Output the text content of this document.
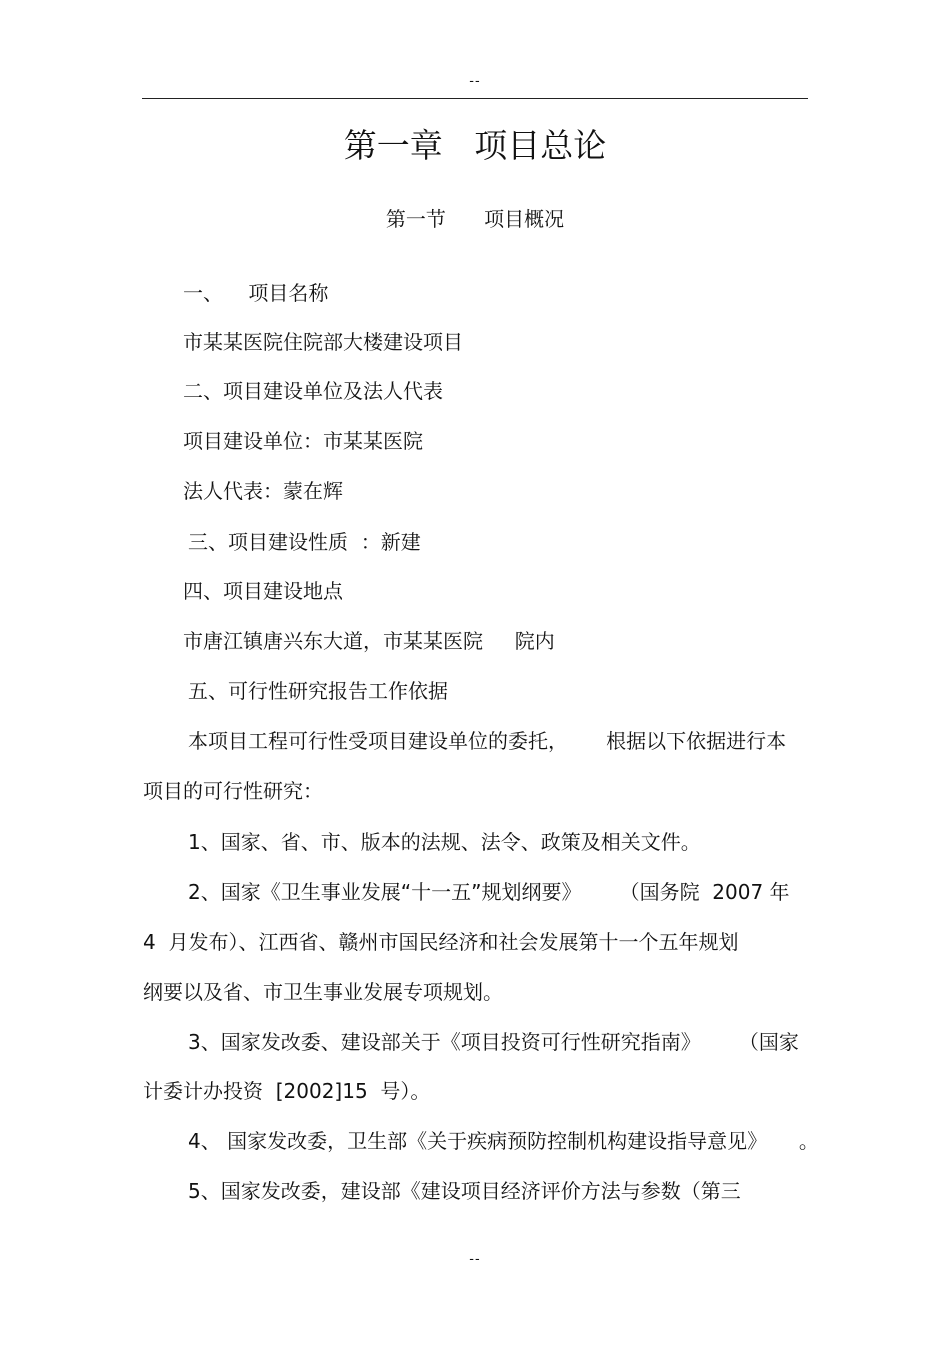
--
第一章   项目总论
第一节      项目概况
一、    项目名称
市某某医院住院部大楼建设项目
二、项目建设单位及法人代表
项目建设单位：市某某医院
法人代表：蒙在辉
三、项目建设性质  ：新建
四、项目建设地点
市唐江镇唐兴东大道，市某某医院     院内
五、可行性研究报告工作依据
本项目工程可行性受项目建设单位的委托，      根据以下依据进行本
项目的可行性研究：
1、国家、省、市、版本的法规、法令、政策及相关文件。
2、国家《卫生事业发展“十一五”规划纲要》      （国务院  2007 年
4  月发布）、江西省、赣州市国民经济和社会发展第十一个五年规划
纲要以及省、市卫生事业发展专项规划。
3、国家发改委、建设部关于《项目投资可行性研究指南》      （国家
计委计办投资  [2002]15  号）。
4、 国家发改委，卫生部《关于疾病预防控制机构建设指导意见》     。
5、国家发改委，建设部《建设项目经济评价方法与参数（第三
--
